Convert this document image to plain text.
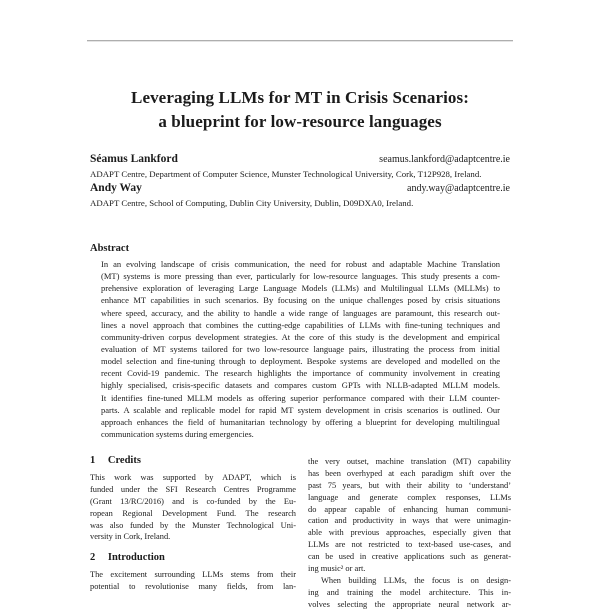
Leveraging LLMs for MT in Crisis Scenarios:
a blueprint for low-resource languages
Séamus Lankford	seamus.lankford@adaptcentre.ie
ADAPT Centre, Department of Computer Science, Munster Technological University, Cork, T12P928, Ireland.
Andy Way	andy.way@adaptcentre.ie
ADAPT Centre, School of Computing, Dublin City University, Dublin, D09DXA0, Ireland.
Abstract
In an evolving landscape of crisis communication, the need for robust and adaptable Machine Translation
(MT) systems is more pressing than ever, particularly for low-resource languages. This study presents a com-
prehensive exploration of leveraging Large Language Models (LLMs) and Multilingual LLMs (MLLMs) to
enhance MT capabilities in such scenarios. By focusing on the unique challenges posed by crisis situations
where speed, accuracy, and the ability to handle a wide range of languages are paramount, this research out-
lines a novel approach that combines the cutting-edge capabilities of LLMs with fine-tuning techniques and
community-driven corpus development strategies. At the core of this study is the development and empirical
evaluation of MT systems tailored for two low-resource language pairs, illustrating the process from initial
model selection and fine-tuning through to deployment. Bespoke systems are developed and modelled on the
recent Covid-19 pandemic. The research highlights the importance of community involvement in creating
highly specialised, crisis-specific datasets and compares custom GPTs with NLLB-adapted MLLM models.
It identifies fine-tuned MLLM models as offering superior performance compared with their LLM counter-
parts. A scalable and replicable model for rapid MT system development in crisis scenarios is outlined. Our
approach enhances the field of humanitarian technology by offering a blueprint for developing multilingual
communication systems during emergencies.
1 Credits
This work was supported by ADAPT, which is
funded under the SFI Research Centres Programme
(Grant 13/RC/2016) and is co-funded by the Eu-
ropean Regional Development Fund. The research
was also funded by the Munster Technological Uni-
versity in Cork, Ireland.
2 Introduction
The excitement surrounding LLMs stems from their
potential to revolutionise many fields, from lan-
the very outset, machine translation (MT) capability
has been overhyped at each paradigm shift over the
past 75 years, but with their ability to ‘understand’
language and generate complex responses, LLMs
do appear capable of enhancing human communi-
cation and productivity in ways that were unimagin-
able with previous approaches, especially given that
LLMs are not restricted to text-based use-cases, and
can be used in creative applications such as generat-
ing music² or art.
When building LLMs, the focus is on design-
ing and training the model architecture. This in-
volves selecting the appropriate neural network ar-
